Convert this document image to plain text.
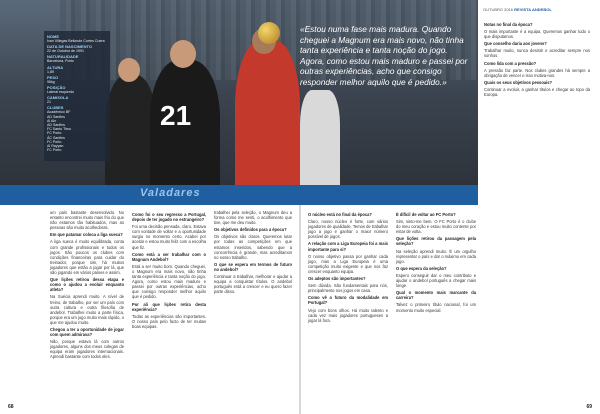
OUTUBRO 2016 REVISTA ANDEBOL
21
Valadares
NOME
Ivan Villegas Bellonde Cortes Cuera
DATA DE NASCIMENTO
22 de Outubro de 1991
NATURALIDADE
Barcelona, Porto
ALTURA
1,89
PESO
96kg
POSIÇÃO
Lateral esquerdo
CAMISOLA
21
CLUBES
Acadêmico BF
AD Sanfins
Al Ain
AD Sanfins
FC Santo Tirso
FC Porto
ÁC Sanfins
FC Porto
Al Rayyan
FC Porto
«Estou numa fase mais madura. Quando cheguei a Magnum era mais novo, não tinha tanta experiência e tanta noção do jogo. Agora, como estou mais maduro e passei por outras experiências, acho que consigo responder melhor aquilo que é pedido.»

um país bastante desenvolvido. No entanto encontrei muito mais frio do que não estamos tão habituados, mas as pessoas são muito acolhedoras.

Em que patamar coloca a liga sueca?

A liga sueca é muito equilibrada, conta com grande profissionais e todos os jogos. São poucos os clubes com condições financeiras para cuidar do treinador, porque sim, há muitos jogadores que estão a jogar por lá, que vão jogando em vários países e assim.

Que lições retirou dessa etapa e como o ajudou a evoluir enquanto atleta?

Na Suécia aprendi muito. A nível de treino, de trabalho, por ser um país com outra cultura e outra filosofia de andebol. Trabalhei muito a parte física, porque era um jogo muito mais rápido, o que me ajudou muito.

Chegou a ter a oportunidade de jogar com quem admirava?

Não, porque estava lá com outros jogadores, alguns dos meus colegas de equipa eram jogadores internacionais. Aprendi bastante com todos eles.

Como foi o seu regresso a Portugal, depois de ter jogado no estrangeiro?

Foi uma decisão pensada, claro. Estava com vontade de voltar e a oportunidade surgiu no momento certo. Acabei por aceitar e estou muito feliz com a escolha que fiz.

Como está a ser trabalhar com o Magnum Andebol?

Está a ser muito bom. Quando cheguei, o Magnum era mais novo, não tinha tanta experiência e tanta noção do jogo. Agora, como estou mais maduro e passei por outras experiências, acho que consigo responder melhor aquilo que é pedido.

Por ali que lições retira desta experiência?

Todas as experiências são importantes. O nosso país pelo facto de ter muitas boas equipas.

trabalhei pela seleção, o Magnum deu a forma como me senti, o acolhimento que tive, que me deu muito.

Os objetivos definidos para a época?

Os objetivos são claros. Queremos lutar por todas as competições em que estamos inseridos, sabendo que a concorrência é grande, mas acreditamos no nosso trabalho.

O que se espera em termos de futuro no andebol?

Continuar a trabalhar, melhorar e ajudar a equipa a conquistar títulos. O andebol português está a crescer e eu quero fazer parte disso.

O núcleo está no final da época?

Claro, nosso núcleo é forte, com vários jogadores de qualidade. Temos de trabalhar jogo a jogo e ganhar o maior número possível de jogos.

A relação com a Liga Europeia foi a mais importante para si?

O nosso objetivo passa por ganhar cada jogo, mas a Liga Europeia é uma competição muito exigente e que nos faz crescer enquanto equipa.

Os adeptos são importantes?

Sem dúvida. São fundamentais para nós, principalmente nos jogos em casa.

Como vê o futuro da modalidade em Portugal?

Vejo com bons olhos. Há muito talento e cada vez mais jogadores portugueses a jogar lá fora.

É difícil de voltar ao FC Porto?

Sim, sinto-me bem. O FC Porto é o clube do meu coração e estou muito contente por estar de volta.

Que lições retirou da passagem pela seleção?

Na seleção aprendi muito. É um orgulho representar o país e dar o máximo em cada jogo.

O que espera da seleção?

Espero conseguir dar o meu contributo e ajudar o andebol português a chegar mais longe.

Qual o momento mais marcante da carreira?

Talvez o primeiro título nacional, foi um momento muito especial.

Notas no final da época?

O mais importante é a equipa. Queremos ganhar tudo o que disputamos.

Que conselho daria aos jovens?

Trabalhar muito, nunca desistir e acreditar sempre nos sonhos.

Como lida com a pressão?

A pressão faz parte. Nos clubes grandes há sempre a obrigação de vencer e isso motiva-nos.

Quais os seus objetivos pessoais?

Continuar a evoluir, a ganhar títulos e chegar ao topo da Europa.

68	69
